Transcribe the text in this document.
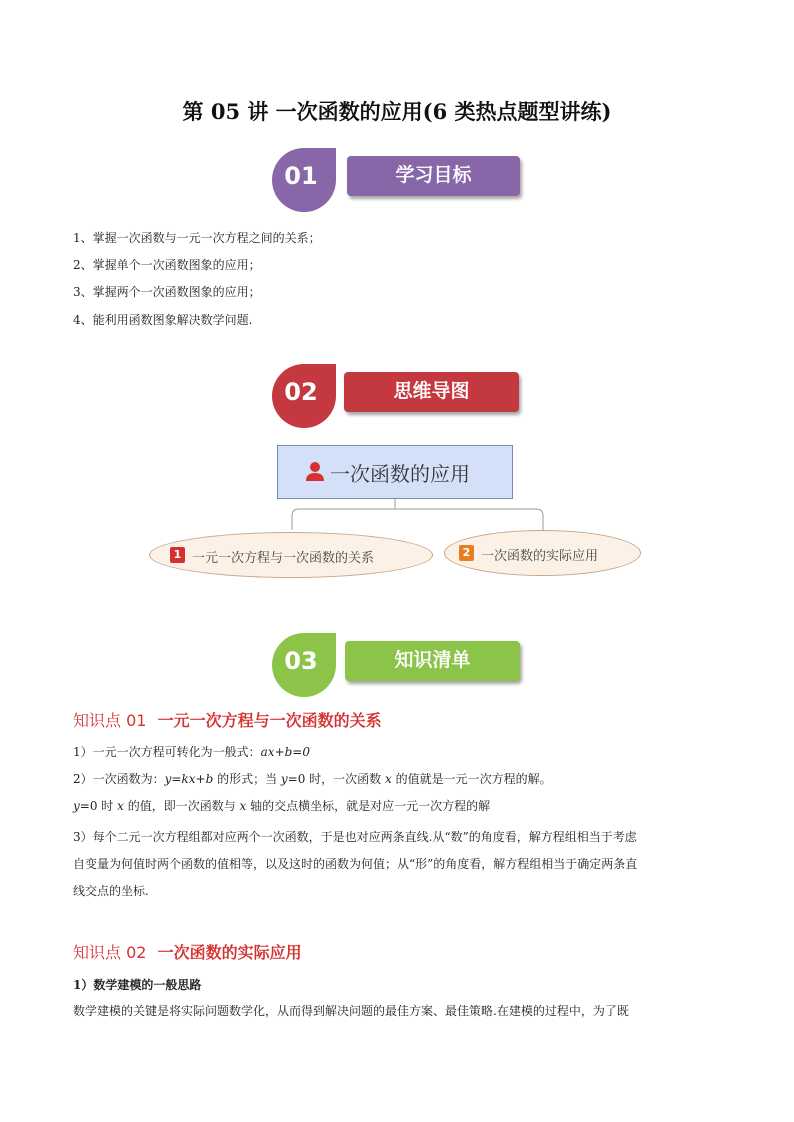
第 05 讲 一次函数的应用(6 类热点题型讲练)
01	学习目标
1、掌握一次函数与一元一次方程之间的关系；
2、掌握单个一次函数图象的应用；
3、掌握两个一次函数图象的应用；
4、能利用函数图象解决数学问题.
02	思维导图
一次函数的应用
1 一元一次方程与一次函数的关系	2 一次函数的实际应用
03	知识清单
知识点 01 一元一次方程与一次函数的关系
1）一元一次方程可转化为一般式：ax+b=0
2）一次函数为：y=kx+b 的形式；当 y=0 时，一次函数 x 的值就是一元一次方程的解。
y=0 时 x 的值，即一次函数与 x 轴的交点横坐标，就是对应一元一次方程的解

3）每个二元一次方程组都对应两个一次函数，于是也对应两条直线.从“数”的角度看，解方程组相当于考虑

自变量为何值时两个函数的值相等，以及这时的函数为何值；从“形”的角度看，解方程组相当于确定两条直

线交点的坐标.

知识点 02 一次函数的实际应用
1）数学建模的一般思路
数学建模的关键是将实际问题数学化，从而得到解决问题的最佳方案、最佳策略.在建模的过程中，为了既
